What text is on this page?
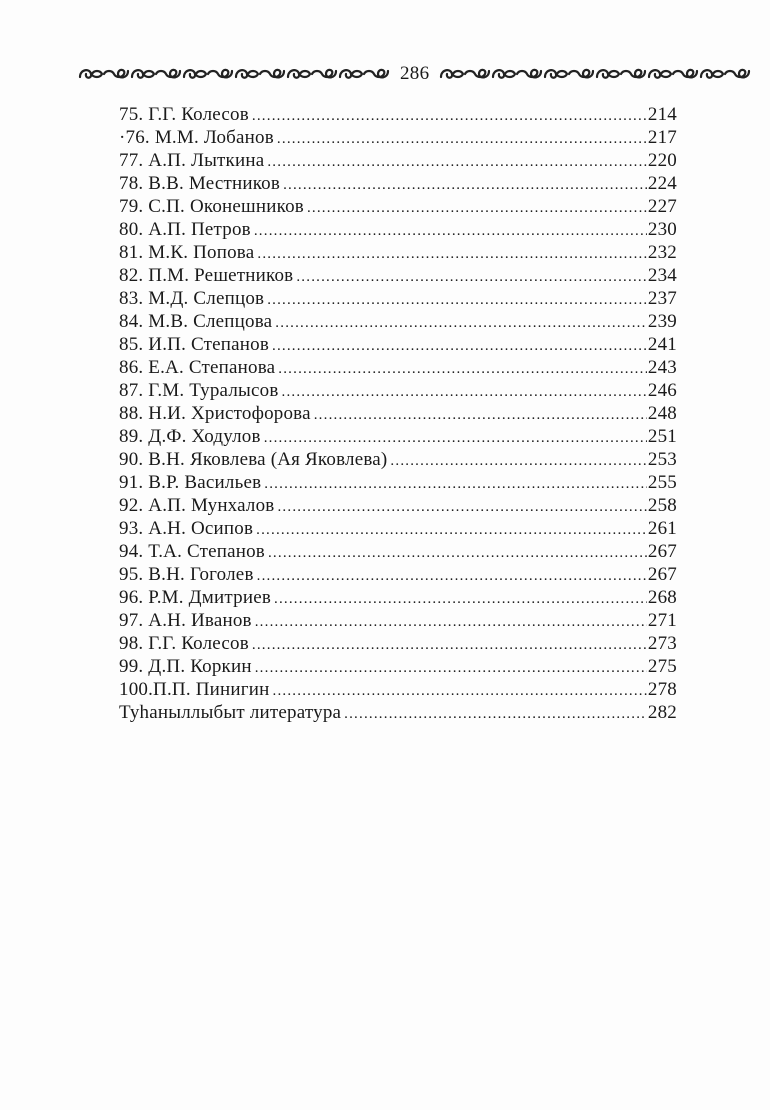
286
75. Г.Г. Колесов .....	214
·76. М.М. Лобанов .....	217
77. А.П. Лыткина .....	220
78. В.В. Местников .....	224
79. С.П. Оконешников .....	227
80. А.П. Петров .....	230
81. М.К. Попова .....	232
82. П.М. Решетников .....	234
83. М.Д. Слепцов .....	237
84. М.В. Слепцова .....	239
85. И.П. Степанов .....	241
86. Е.А. Степанова .....	243
87. Г.М. Туралысов .....	246
88. Н.И. Христофорова .....	248
89. Д.Ф. Ходулов .....	251
90. В.Н. Яковлева (Ая Яковлева) .....	253
91. В.Р. Васильев .....	255
92. А.П. Мунхалов .....	258
93. А.Н. Осипов .....	261
94. Т.А. Степанов .....	267
95. В.Н. Гоголев .....	267
96. Р.М. Дмитриев .....	268
97. А.Н. Иванов .....	271
98. Г.Г. Колесов .....	273
99. Д.П. Коркин .....	275
100.П.П. Пинигин .....	278
Туhаныллыбыт литература .....	282
